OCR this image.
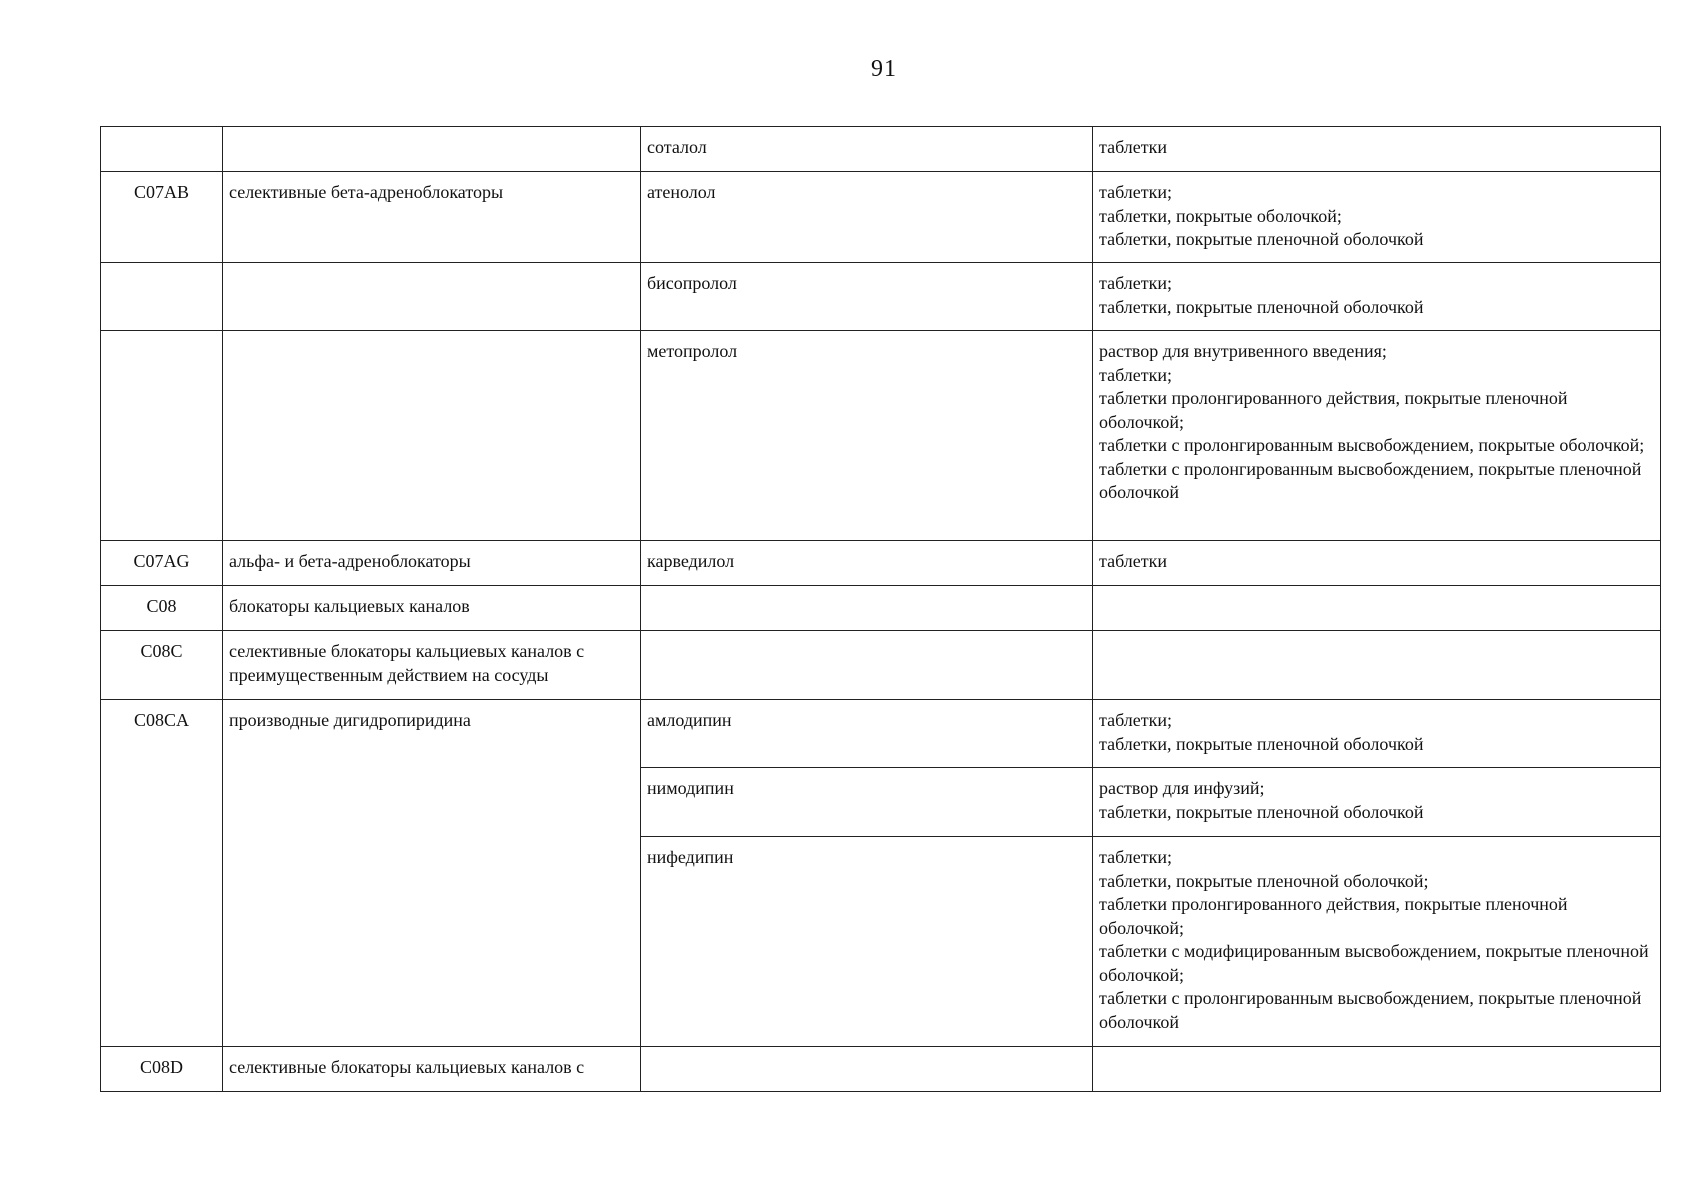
91
		соталол	таблетки
C07AB	селективные бета-адреноблокаторы	атенолол	таблетки;
таблетки, покрытые оболочкой;
таблетки, покрытые пленочной оболочкой
		бисопролол	таблетки;
таблетки, покрытые пленочной оболочкой
		метопролол	раствор для внутривенного введения;
таблетки;
таблетки пролонгированного действия, покрытые пленочной оболочкой;
таблетки с пролонгированным высвобождением, покрытые оболочкой;
таблетки с пролонгированным высвобождением, покрытые пленочной оболочкой
C07AG	альфа- и бета-адреноблокаторы	карведилол	таблетки
C08	блокаторы кальциевых каналов		
C08C	селективные блокаторы кальциевых каналов с преимущественным действием на сосуды		
C08CA	производные дигидропиридина	амлодипин	таблетки;
таблетки, покрытые пленочной оболочкой
		нимодипин	раствор для инфузий;
таблетки, покрытые пленочной оболочкой
		нифедипин	таблетки;
таблетки, покрытые пленочной оболочкой;
таблетки пролонгированного действия, покрытые пленочной оболочкой;
таблетки с модифицированным высвобождением, покрытые пленочной оболочкой;
таблетки с пролонгированным высвобождением, покрытые пленочной оболочкой
C08D	селективные блокаторы кальциевых каналов с		
